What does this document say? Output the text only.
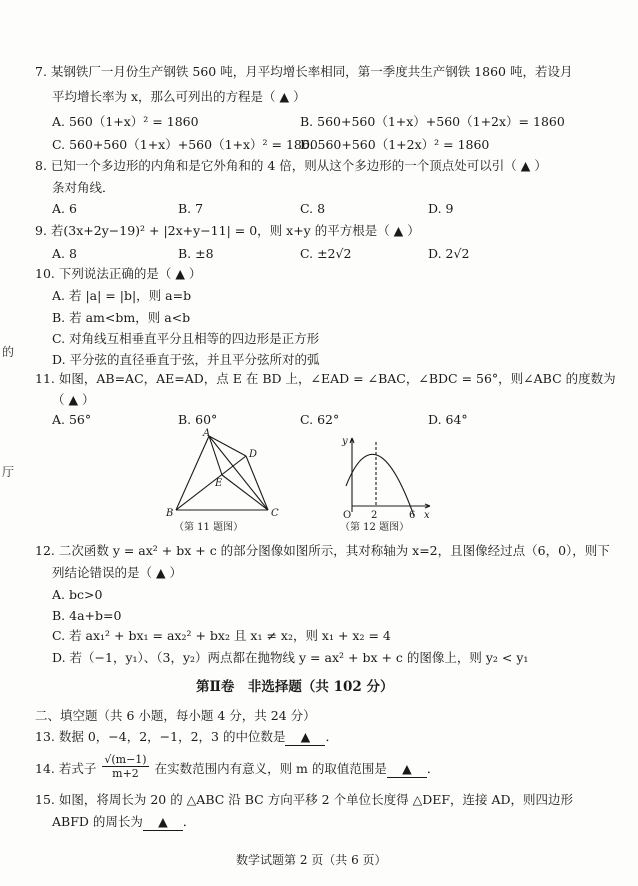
的
厅
7. 某钢铁厂一月份生产钢铁 560 吨，月平均增长率相同，第一季度共生产钢铁 1860 吨，若设月
平均增长率为 x，那么可列出的方程是（ ▲ ）
A. 560（1+x）² = 1860	B. 560+560（1+x）+560（1+2x）= 1860
C. 560+560（1+x）+560（1+x）² = 1860
D. 560+560（1+2x）² = 1860
8. 已知一个多边形的内角和是它外角和的 4 倍，则从这个多边形的一个顶点处可以引（ ▲ ）
条对角线．
A. 6	B. 7	C. 8	D. 9
9. 若(3x+2y−19)² + |2x+y−11| = 0，则 x+y 的平方根是（ ▲ ）
A. 8	B. ±8	C. ±2√2	D. 2√2
10. 下列说法正确的是（ ▲ ）
A. 若 |a| = |b|，则 a=b
B. 若 am<bm，则 a<b
C. 对角线互相垂直平分且相等的四边形是正方形
D. 平分弦的直径垂直于弦，并且平分弦所对的弧
11. 如图，AB=AC，AE=AD，点 E 在 BD 上，∠EAD = ∠BAC，∠BDC = 56°，则∠ABC 的度数为
（ ▲ ）
A. 56°	B. 60°	C. 62°	D. 64°
A
D
E
B	C
（第 11 题图）
y
x
O 2	6
（第 12 题图）
12. 二次函数 y = ax² + bx + c 的部分图像如图所示，其对称轴为 x=2，且图像经过点（6，0），则下
列结论错误的是（ ▲ ）
A. bc>0
B. 4a+b=0
C. 若 ax₁² + bx₁ = ax₂² + bx₂ 且 x₁ ≠ x₂，则 x₁ + x₂ = 4
D. 若（−1，y₁）、（3，y₂）两点都在抛物线 y = ax² + bx + c 的图像上，则 y₂ < y₁
第Ⅱ卷　非选择题（共 102 分）
二、填空题（共 6 小题，每小题 4 分，共 24 分）
13. 数据 0，−4，2，−1，2，3 的中位数是 ▲ ．
14. 若式子 $\frac{√(m-1)}{m+2}$ 在实数范围内有意义，则 m 的取值范围是 ▲ ．
15. 如图，将周长为 20 的 △ABC 沿 BC 方向平移 2 个单位长度得 △DEF，连接 AD，则四边形
ABFD 的周长为 ▲ ．
数学试题第 2 页（共 6 页）
